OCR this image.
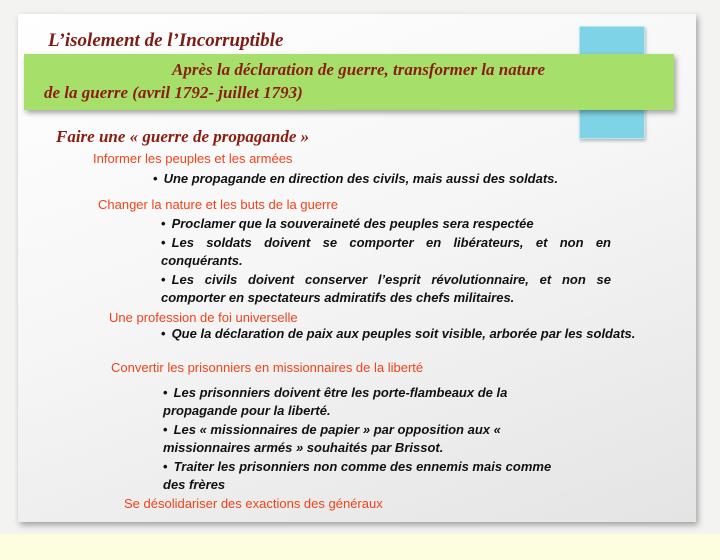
L’isolement de l’Incorruptible
Après la déclaration de guerre, transformer la nature
de la guerre (avril 1792- juillet 1793)
Faire une « guerre de propagande »
Informer les peuples et les armées
• Une propagande en direction des civils, mais aussi des soldats.
Changer la nature et les buts de la guerre
• Proclamer que la souveraineté des peuples sera respectée
• Les soldats doivent se comporter en libérateurs, et non en conquérants.
• Les civils doivent conserver l’esprit révolutionnaire, et non se comporter en spectateurs admiratifs des chefs militaires.
Une profession de foi universelle
• Que la déclaration de paix aux peuples soit visible, arborée par les soldats.
Convertir les prisonniers en missionnaires de la liberté
• Les prisonniers doivent être les porte-flambeaux de la propagande pour la liberté.
• Les « missionnaires de papier » par opposition aux « missionnaires armés » souhaités par Brissot.
• Traiter les prisonniers non comme des ennemis mais comme des frères
Se désolidariser des exactions des généraux
